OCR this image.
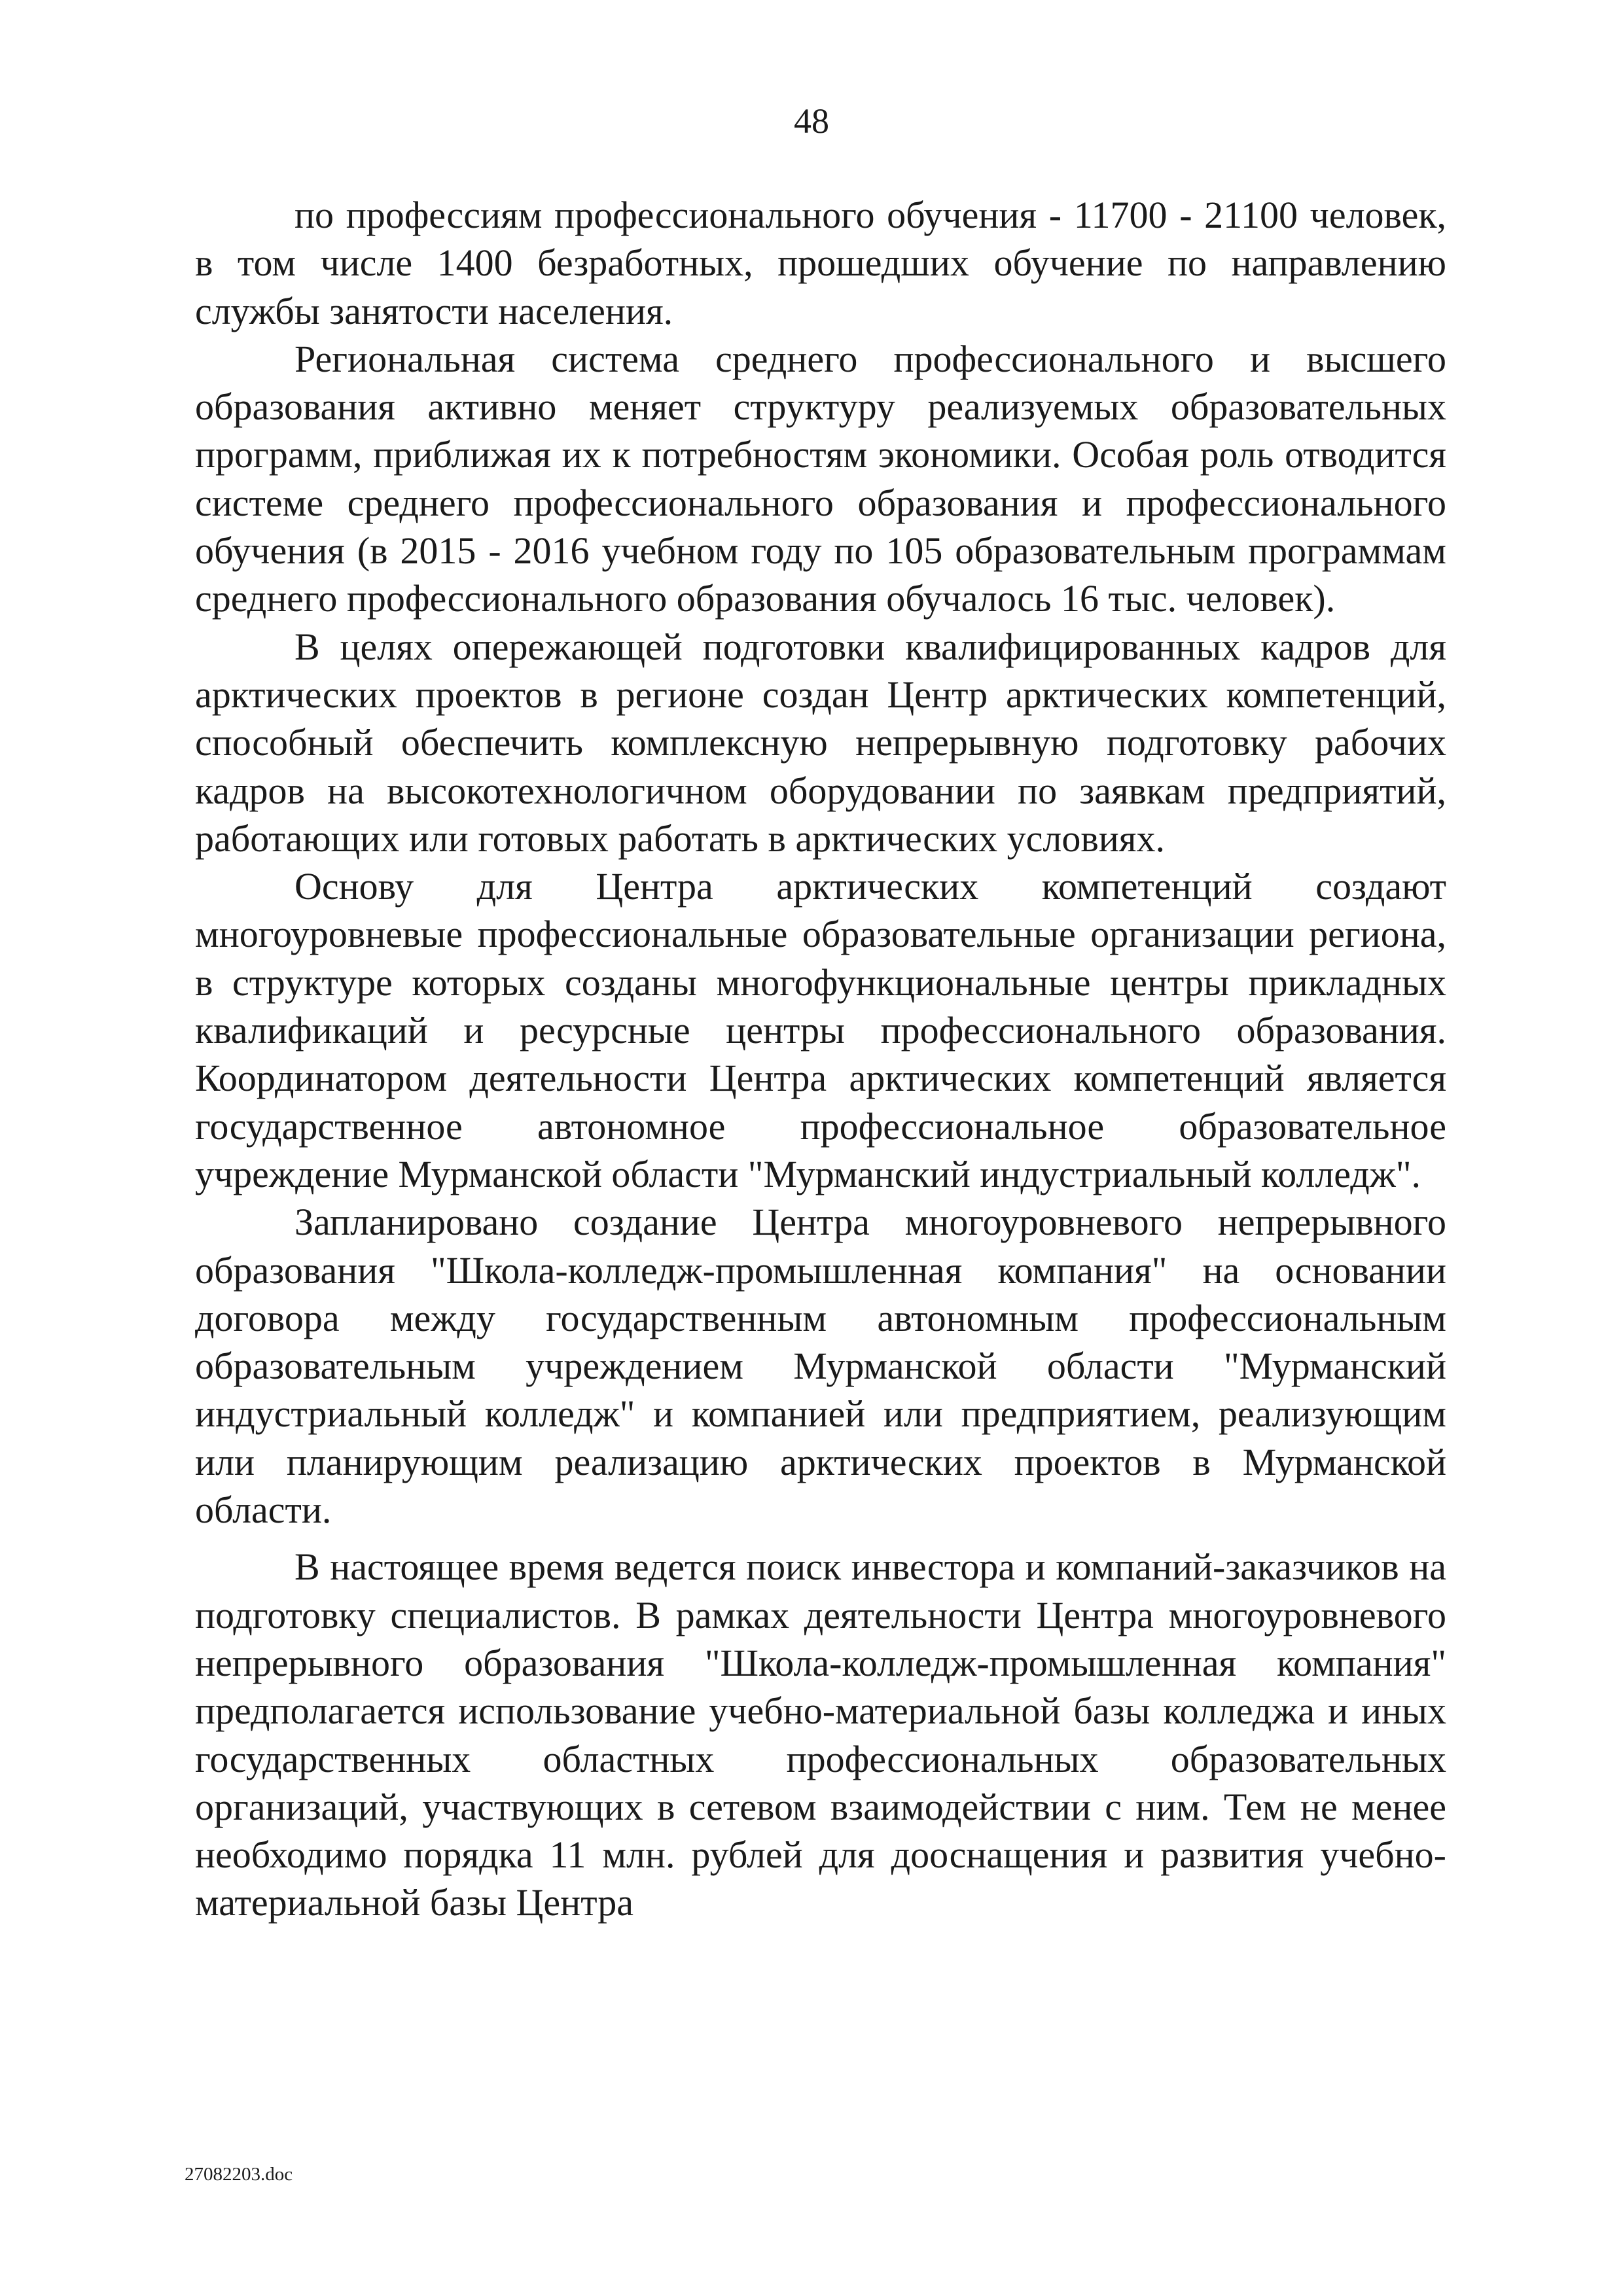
48

по профессиям профессионального обучения - 11700 - 21100 человек, в том числе 1400 безработных, прошедших обучение по направлению службы занятости населения.

Региональная система среднего профессионального и высшего образования активно меняет структуру реализуемых образовательных программ, приближая их к потребностям экономики. Особая роль отводится системе среднего профессионального образования и профессионального обучения (в 2015 - 2016 учебном году по 105 образовательным программам среднего профессионального образования обучалось 16 тыс. человек).

В целях опережающей подготовки квалифицированных кадров для арктических проектов в регионе создан Центр арктических компетенций, способный обеспечить комплексную непрерывную подготовку рабочих кадров на высокотехнологичном оборудовании по заявкам предприятий, работающих или готовых работать в арктических условиях.

Основу для Центра арктических компетенций создают многоуровневые профессиональные образовательные организации региона, в структуре которых созданы многофункциональные центры прикладных квалификаций и ресурсные центры профессионального образования. Координатором деятельности Центра арктических компетенций является государственное автономное профессиональное образовательное учреждение Мурманской области "Мурманский индустриальный колледж".

Запланировано создание Центра многоуровневого непрерывного образования "Школа-колледж-промышленная компания" на основании договора между государственным автономным профессиональным образовательным учреждением Мурманской области "Мурманский индустриальный колледж" и компанией или предприятием, реализующим или планирующим реализацию арктических проектов в Мурманской области.

В настоящее время ведется поиск инвестора и компаний-заказчиков на подготовку специалистов. В рамках деятельности Центра многоуровневого непрерывного образования "Школа-колледж-промышленная компания" предполагается использование учебно-материальной базы колледжа и иных государственных областных профессиональных образовательных организаций, участвующих в сетевом взаимодействии с ним. Тем не менее необходимо порядка 11 млн. рублей для дооснащения и развития учебно-материальной базы Центра

27082203.doc
